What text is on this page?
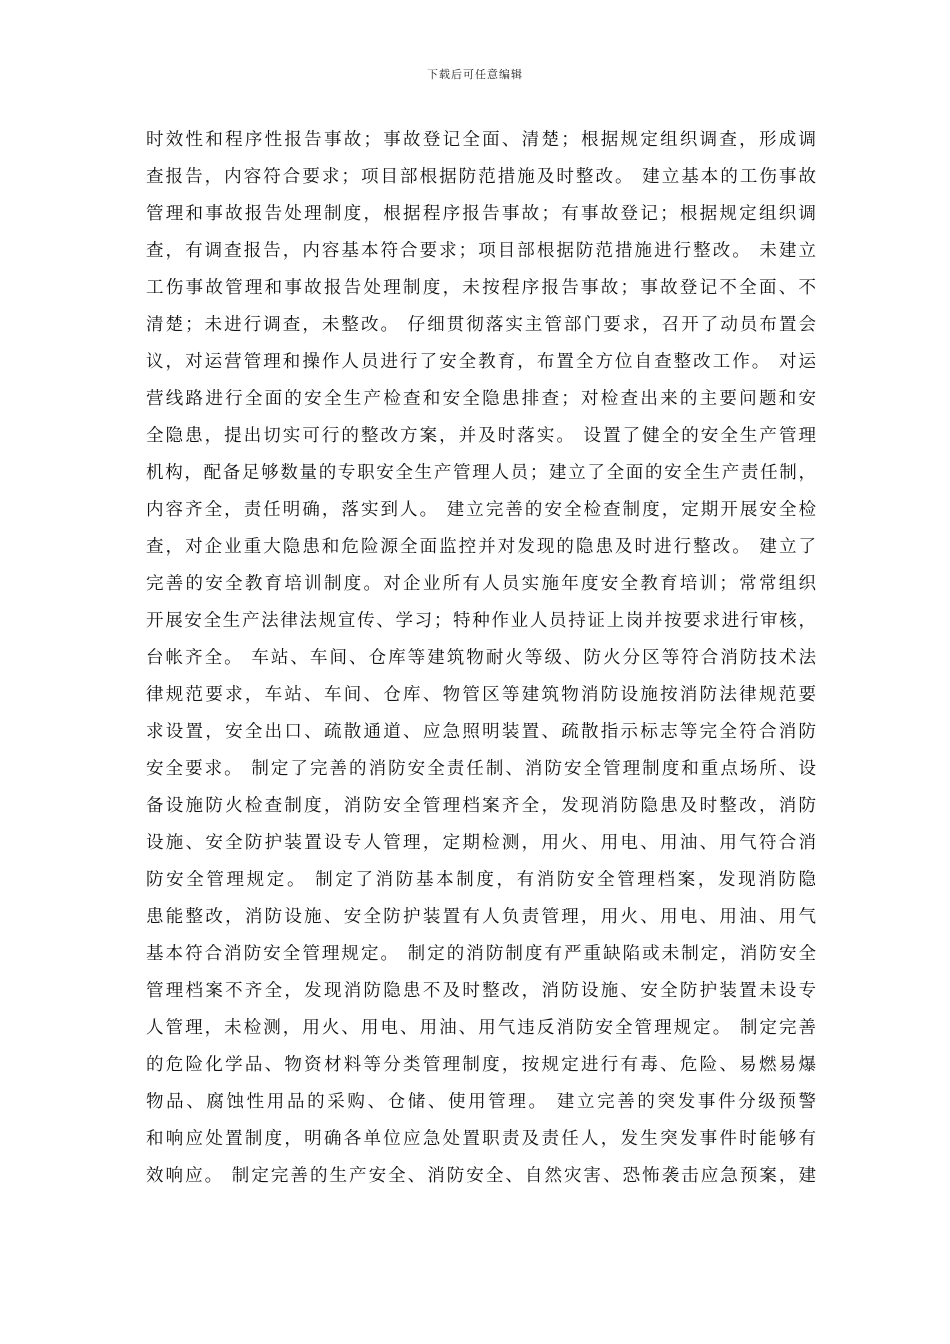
下载后可任意编辑
时效性和程序性报告事故；事故登记全面、清楚；根据规定组织调查，形成调
查报告，内容符合要求；项目部根据防范措施及时整改。 建立基本的工伤事故
管理和事故报告处理制度，根据程序报告事故；有事故登记；根据规定组织调
查，有调查报告，内容基本符合要求；项目部根据防范措施进行整改。 未建立
工伤事故管理和事故报告处理制度，未按程序报告事故；事故登记不全面、不
清楚；未进行调查，未整改。 仔细贯彻落实主管部门要求，召开了动员布置会
议，对运营管理和操作人员进行了安全教育，布置全方位自查整改工作。 对运
营线路进行全面的安全生产检查和安全隐患排查；对检查出来的主要问题和安
全隐患，提出切实可行的整改方案，并及时落实。 设置了健全的安全生产管理
机构，配备足够数量的专职安全生产管理人员；建立了全面的安全生产责任制，
内容齐全，责任明确，落实到人。 建立完善的安全检查制度，定期开展安全检
查，对企业重大隐患和危险源全面监控并对发现的隐患及时进行整改。 建立了
完善的安全教育培训制度。对企业所有人员实施年度安全教育培训；常常组织
开展安全生产法律法规宣传、学习；特种作业人员持证上岗并按要求进行审核，
台帐齐全。 车站、车间、仓库等建筑物耐火等级、防火分区等符合消防技术法
律规范要求，车站、车间、仓库、物管区等建筑物消防设施按消防法律规范要
求设置，安全出口、疏散通道、应急照明装置、疏散指示标志等完全符合消防
安全要求。 制定了完善的消防安全责任制、消防安全管理制度和重点场所、设
备设施防火检查制度，消防安全管理档案齐全，发现消防隐患及时整改，消防
设施、安全防护装置设专人管理，定期检测，用火、用电、用油、用气符合消
防安全管理规定。 制定了消防基本制度，有消防安全管理档案，发现消防隐
患能整改，消防设施、安全防护装置有人负责管理，用火、用电、用油、用气
基本符合消防安全管理规定。 制定的消防制度有严重缺陷或未制定，消防安全
管理档案不齐全，发现消防隐患不及时整改，消防设施、安全防护装置未设专
人管理，未检测，用火、用电、用油、用气违反消防安全管理规定。 制定完善
的危险化学品、物资材料等分类管理制度，按规定进行有毒、危险、易燃易爆
物品、腐蚀性用品的采购、仓储、使用管理。 建立完善的突发事件分级预警
和响应处置制度，明确各单位应急处置职责及责任人，发生突发事件时能够有
效响应。 制定完善的生产安全、消防安全、自然灾害、恐怖袭击应急预案，建
